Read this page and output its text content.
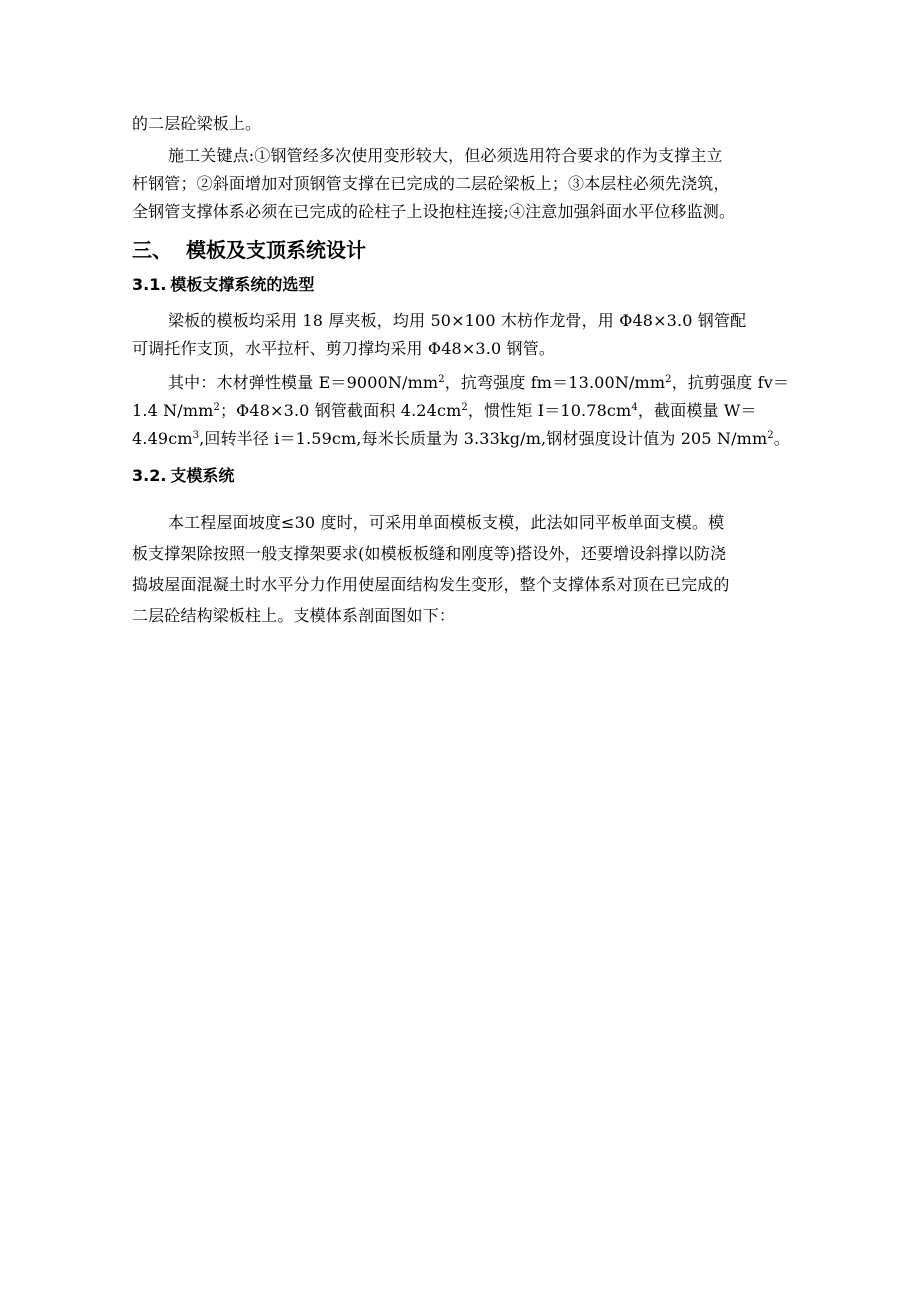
的二层砼梁板上。
施工关键点:①钢管经多次使用变形较大，但必须选用符合要求的作为支撑主立
杆钢管；②斜面增加对顶钢管支撑在已完成的二层砼梁板上；③本层柱必须先浇筑，
全钢管支撑体系必须在已完成的砼柱子上设抱柱连接;④注意加强斜面水平位移监测。
三、 模板及支顶系统设计
3.1. 模板支撑系统的选型
梁板的模板均采用 18 厚夹板，均用 50×100 木枋作龙骨，用 Φ48×3.0 钢管配
可调托作支顶，水平拉杆、剪刀撑均采用 Φ48×3.0 钢管。
其中：木材弹性模量 $E=9000N/mm^2$，抗弯强度 $fm=13.00N/mm^2$，抗剪强度 fv＝
1.4 $N/mm^2$；Φ48×3.0 钢管截面积 $4.24cm^2$，惯性矩 $I=10.78cm^4$，截面模量 W＝
$4.49cm^3$,回转半径 i＝1.59cm,每米长质量为 3.33kg/m,钢材强度设计值为 205 $N/mm^2$。
3.2. 支模系统
本工程屋面坡度≤30 度时，可采用单面模板支模，此法如同平板单面支模。模
板支撑架除按照一般支撑架要求(如模板板缝和刚度等)搭设外，还要增设斜撑以防浇
捣坡屋面混凝土时水平分力作用使屋面结构发生变形，整个支撑体系对顶在已完成的
二层砼结构梁板柱上。支模体系剖面图如下：
